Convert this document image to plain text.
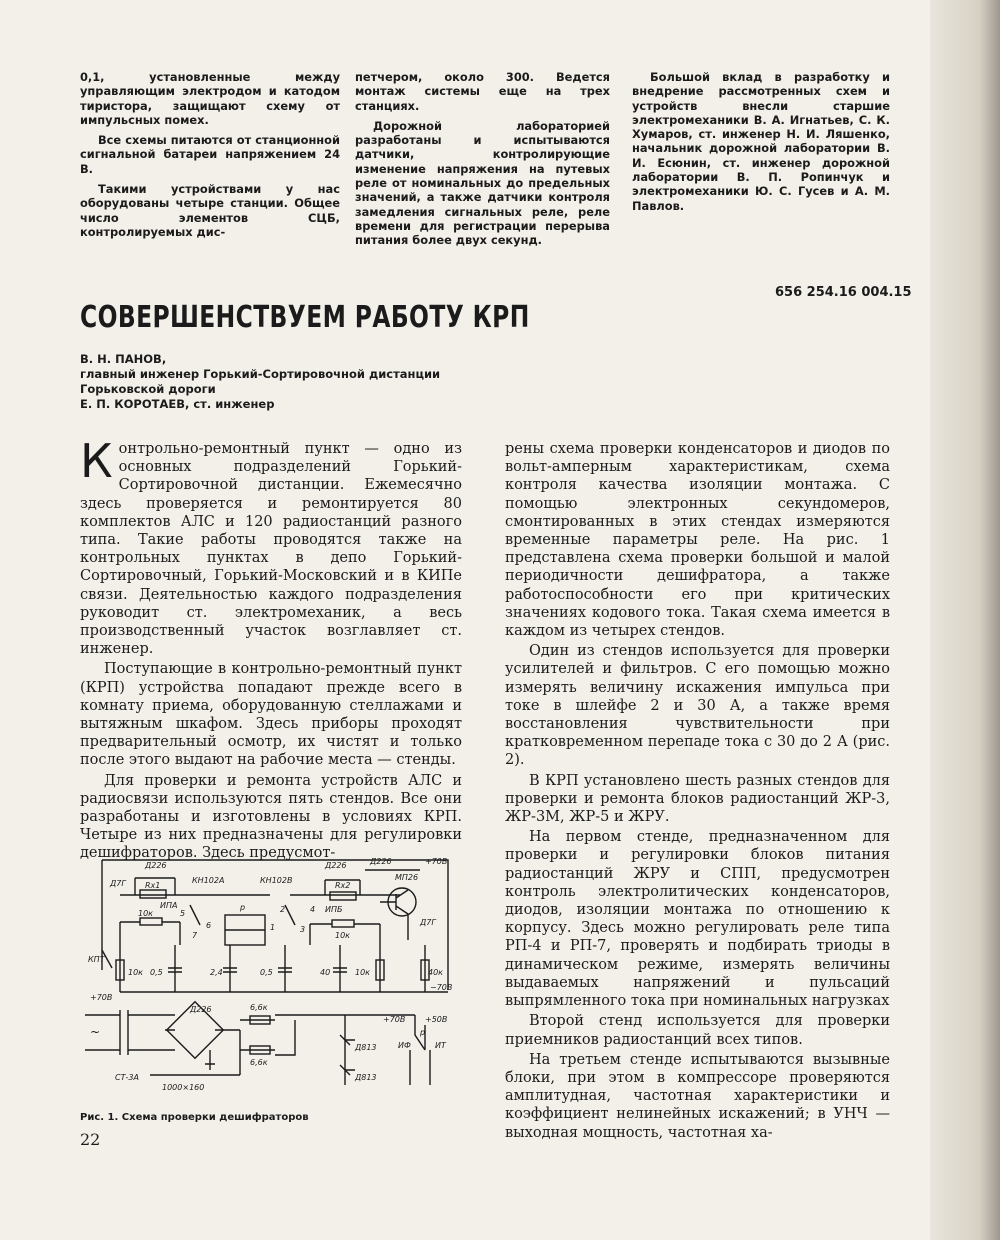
0,1, установленные между управляющим электродом и катодом тиристора, защищают схему от импульсных помех.

Все схемы питаются от станционной сигнальной батареи напряжением 24 В.

Такими устройствами у нас оборудованы четыре станции. Общее число элементов СЦБ, контролируемых дис-

петчером, около 300. Ведется монтаж системы еще на трех станциях.

Дорожной лабораторией разработаны и испытываются датчики, контролирующие изменение напряжения на путевых реле от номинальных до предельных значений, а также датчики контроля замедления сигнальных реле, реле времени для регистрации перерыва питания более двух секунд.

Большой вклад в разработку и внедрение рассмотренных схем и устройств внесли старшие электромеханики В. А. Игнатьев, С. К. Хумаров, ст. инженер Н. И. Ляшенко, начальник дорожной лаборатории В. И. Есюнин, ст. инженер дорожной лаборатории В. П. Ропинчук и электромеханики Ю. С. Гусев и А. М. Павлов.

656 254.16 004.15
СОВЕРШЕНСТВУЕМ РАБОТУ КРП
В. Н. ПАНОВ,
главный инженер Горький-Сортировочной дистанции
Горьковской дороги
Е. П. КОРОТАЕВ, ст. инженер

Контрольно-ремонтный пункт — одно из основных подразделений Горький-Сортировочной дистанции. Ежемесячно здесь проверяется и ремонтируется 80 комплектов АЛС и 120 радиостанций разного типа. Такие работы проводятся также на контрольных пунктах в депо Горький-Сортировочный, Горький-Московский и в КИПе связи. Деятельностью каждого подразделения руководит ст. электромеханик, а весь производственный участок возглавляет ст. инженер.

Поступающие в контрольно-ремонтный пункт (КРП) устройства попадают прежде всего в комнату приема, оборудованную стеллажами и вытяжным шкафом. Здесь приборы проходят предварительный осмотр, их чистят и только после этого выдают на рабочие места — стенды.

Для проверки и ремонта устройств АЛС и радиосвязи используются пять стендов. Все они разработаны и изготовлены в условиях КРП. Четыре из них предназначены для регулировки дешифраторов. Здесь предусмот-

рены схема проверки конденсаторов и диодов по вольт-амперным характеристикам, схема контроля качества изоляции монтажа. С помощью электронных секундомеров, смонтированных в этих стендах измеряются временные параметры реле. На рис. 1 представлена схема проверки большой и малой периодичности дешифратора, а также работоспособности его при критических значениях кодового тока. Такая схема имеется в каждом из четырех стендов.

Один из стендов используется для проверки усилителей и фильтров. С его помощью можно измерять величину искажения импульса при токе в шлейфе 2 и 30 А, а также время восстановления чувствительности при кратковременном перепаде тока с 30 до 2 А (рис. 2).

В КРП установлено шесть разных стендов для проверки и ремонта блоков радиостанций ЖР-3, ЖР-3М, ЖР-5 и ЖРУ.

На первом стенде, предназначенном для проверки и регулировки блоков питания радиостанций ЖРУ и СПП, предусмотрен контроль электролитических конденсаторов, диодов, изоляции монтажа по отношению к корпусу. Здесь можно регулировать реле типа РП-4 и РП-7, проверять и подбирать триоды в динамическом режиме, измерять величины выдаваемых напряжений и пульсаций выпрямленного тока при номинальных нагрузках

Второй стенд используется для проверки приемников радиостанций всех типов.

На третьем стенде испытываются вызывные блоки, при этом в компрессоре проверяются амплитудная, частотная характеристики и коэффициент нелинейных искажений; в УНЧ — выходная мощность, частотная ха-

Д7Г
Д226
Rx1
КН102А	КН102В
Д226
Rx2
Д226	+70В
МП26
Д7Г
ИПА
10к	5
7
6
р	2
1	3
4 ИПБ
10к
КПТ
10к 0,5	2,4	0,5	40	10к	40к
−70В
+70В
Д226	6,6к
6,6к
+70В +50В
Д813
Д813
ИФ	ИТ
р
СТ-3А
1000×160
~
Рис. 1. Схема проверки дешифраторов
22
